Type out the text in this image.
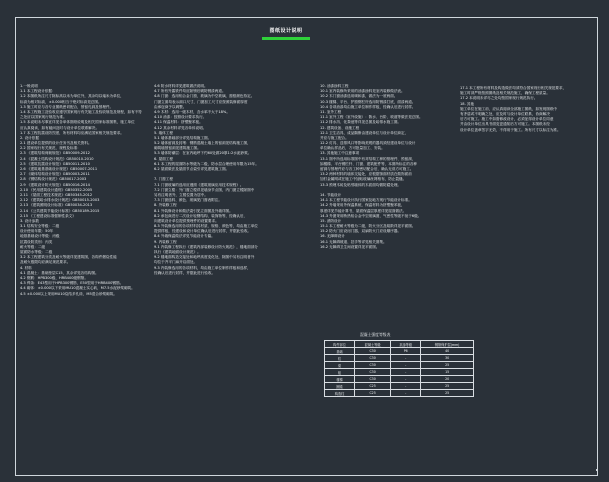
图纸设计说明
1.一般说明
1.1 本工程设计依据：
1.2 本图纸所注尺寸除标高以米为单位外，其余均以毫米为单位，
标高为相对标高，±0.000相当于绝对标高见总图。
1.3 施工时应与各专业图纸密切配合，预留孔洞及预埋件。
1.4 本工程施工及验收应遵守国家现行有关施工及验收规范及规程，如有不符
之处应以国家现行规范为准。
1.5 本说明未尽事宜详见各单体图纸说明及相关国家标准图集，施工单位
应认真阅读，如有疑问及时与设计单位联系解决。
1.7 本工程抗震设防烈度，所有材料均应满足国家相关规范要求。
2. 设计依据
2.1 建设单位提供的设计任务书及相关资料。
2.2 国家现行有关规范、规程及标准：
2.3 《建筑结构荷载规范》GB50009-2012
2.4 《混凝土结构设计规范》GB50010-2010
2.5 《建筑抗震设计规范》GB50011-2010
2.6 《建筑地基基础设计规范》GB50007-2011
2.7 《砌体结构设计规范》GB50003-2011
2.8 《钢结构设计规范》GB50017-2003
2.9 《建筑设计防火规范》GB50016-2014
2.10 《民用建筑设计通则》GB50352-2005
2.11 《屋面工程技术规范》GB50345-2012
2.12 《建筑给水排水设计规范》GB50015-2003
2.13 《建筑照明设计标准》GB50034-2013
2.14 《公共建筑节能设计标准》GB50189-2015
2.15 《工程建设标准强制性条文》
3. 设计参数
3.1 结构安全等级：二级
设计使用年限：50年
地基基础设计等级：丙级
抗震设防类别：丙类
耐火等级：二级
屋面防水等级：二级
3.2 本工程建筑分类及耐火等级详见建筑图，各构件燃烧性能
及耐火极限均应满足规范要求。
4. 材料
4.1 混凝土：基础垫层C15，其余详见各结构图。
4.2 钢筋：HPB300级、HRB400级钢筋。
4.3 焊条：E43型用于HPB300钢筋，E50型用于HRB400钢筋。
4.4 砌体：±0.000以下采用MU10混凝土实心砖，M7.5水泥砂浆砌筑。
4.5 ±0.000以上采用MU10烧结多孔砖，M5混合砂浆砌筑。
4.6 防水材料详见建筑做法说明。
4.7 所有外露铁件均应除锈后刷防锈漆两道。
4.8 门窗：选用铝合金门窗，玻璃为中空玻璃，窗框颜色待定。
门窗立面均表示洞口尺寸，门窗加工尺寸应按照装修面厚度
由承包商予以调整。
4.9 木材：选用一级木材，含水率不大于18%。
4.10 油漆：按照设计要求执行。
4.11 保温材料：挤塑聚苯板。
4.12 其余材料详见各单体说明。
5. 墙体工程
5.1 墙体基础部分详见结构施工图。
5.2 墙体留洞及封堵：钢筋混凝土墙上的留洞见结构施工图，
砌筑墙预留洞见建筑施工图。
5.3 墙体防潮层：在室内地坪下约60处做20厚1:2水泥砂浆。
6. 屋面工程
6.1 本工程的屋面防水等级为二级，防水层合理使用年限为15年。
6.2 屋面做法及屋面节点索引详见建筑施工图。
7. 门窗工程
7.1 门窗玻璃的选用应遵照《建筑玻璃应用技术规程》。
7.2 门窗立樘：外门窗立樘详见墙身节点图，内门窗立樘除图中
另有注明者外，立樘位置为居中。
7.3 门窗选料、颜色、玻璃见门窗表附注。
8. 外装修工程
8.1 外装修设计和做法索引见立面图及外墙详图。
8.2 承包商进行二次设计轻钢结构、装饰物等，经确认后，
向建筑设计单位提供预埋件的设置要求。
8.3 外装修选用的各项材料其材质、规格、颜色等，均由施工单位
提供样板，经建设和设计单位确认后进行封样，并据此验收。
8.4 外墙保温做法详见节能设计专篇。
9. 内装修工程
9.1 内装修工程执行《建筑内部装修设计防火规范》，楼地面部分
执行《建筑地面设计规范》。
9.2 楼地面构造交接处和地坪高度变化处，除图中另有注明者外
均位于齐平门扇开启面处。
9.3 内装修选用的各项材料，均由施工单位制作样板和选样，
经确认后进行封样，并据此进行验收。
10. 油漆涂料工程
10.1 室内装修所采用的油漆涂料见室内装修做法表。
10.2 木门窗油漆选用调和漆，做法为一底两面。
10.3 楼梯、平台、护窗钢栏杆选用防锈漆打底，面漆两道。
10.4 各项油漆均由施工单位制作样板，经确认后进行封样。
11. 室外工程
11.1 室外工程（室外设施）：散水、台阶、坡道等做法见总图。
11.2 排水沟、化粪池等详见总图及给排水施工图。
12. 建筑设备、设施工程
12.1 卫生洁具、成品隔断由建设单位与设计单位商定，
并应与施工配合。
12.2 灯具、送排风口等影响美观的器具须经建设单位与设计
单位确认样品后，方可批量加工、安装。
13. 其他施工中注意事项
13.1 图中所选用标准图中有对结构工种的预埋件、预留洞，
如楼梯、平台钢栏杆、门窗、建筑配件等，本图所标注的各种
留洞与预埋件应与各工种密切配合后，确认无误方可施工。
13.2 两种材料的墙体交接处，应根据饰面材质在做饰面前
加钉金属网或在施工中加贴玻璃丝网格布，防止裂缝。
13.3 预埋木砖及贴邻墙体的木质面均做防腐处理。
14. 节能设计
14.1 本工程节能设计执行国家及地方现行节能设计标准。
14.2 外墙采用外保温系统，保温材料为挤塑聚苯板，
厚度详见节能计算书，屋面保温层厚度详见屋面做法。
14.3 外窗采用断热铝合金中空玻璃窗，气密性等级不低于6级。
15. 消防设计
15.1 本工程耐火等级为二级，防火分区及疏散详见平面图。
15.2 防火门应设闭门器，双扇防火门应设顺序器。
16. 无障碍设计
16.1 无障碍坡道、扶手等详见相关图集。
16.2 无障碍卫生间设置详见平面图。
17.1 本工程所有材料及构造做法均须符合国家现行相关规范要求，
施工时须严格按照图纸及相关规范施工，确保工程质量。
17.2 本说明未详尽之处均按国家现行规范执行。
18. 其他
施工单位在施工前，应认真阅读全部施工图纸，如发现图纸中
有矛盾或不明确之处，应及时与设计单位联系，协商解决
后方可施工。施工中如需修改设计，必须征得设计单位同意
并由设计单位出具书面变更通知后方可施工。本图纸未经
设计单位盖章签字无效，不得用于施工。所有尺寸以标注为准。
混凝土强度等级表
构件部位	混凝土等级	抗渗等级	钢筋保护层(mm)
基础	C30	P6	40
柱	C30	-	30
梁	C30	-	25
板	C30	-	15
楼梯	C30	-	20
圈梁	C25	-	25
构造柱	C25	-	25
